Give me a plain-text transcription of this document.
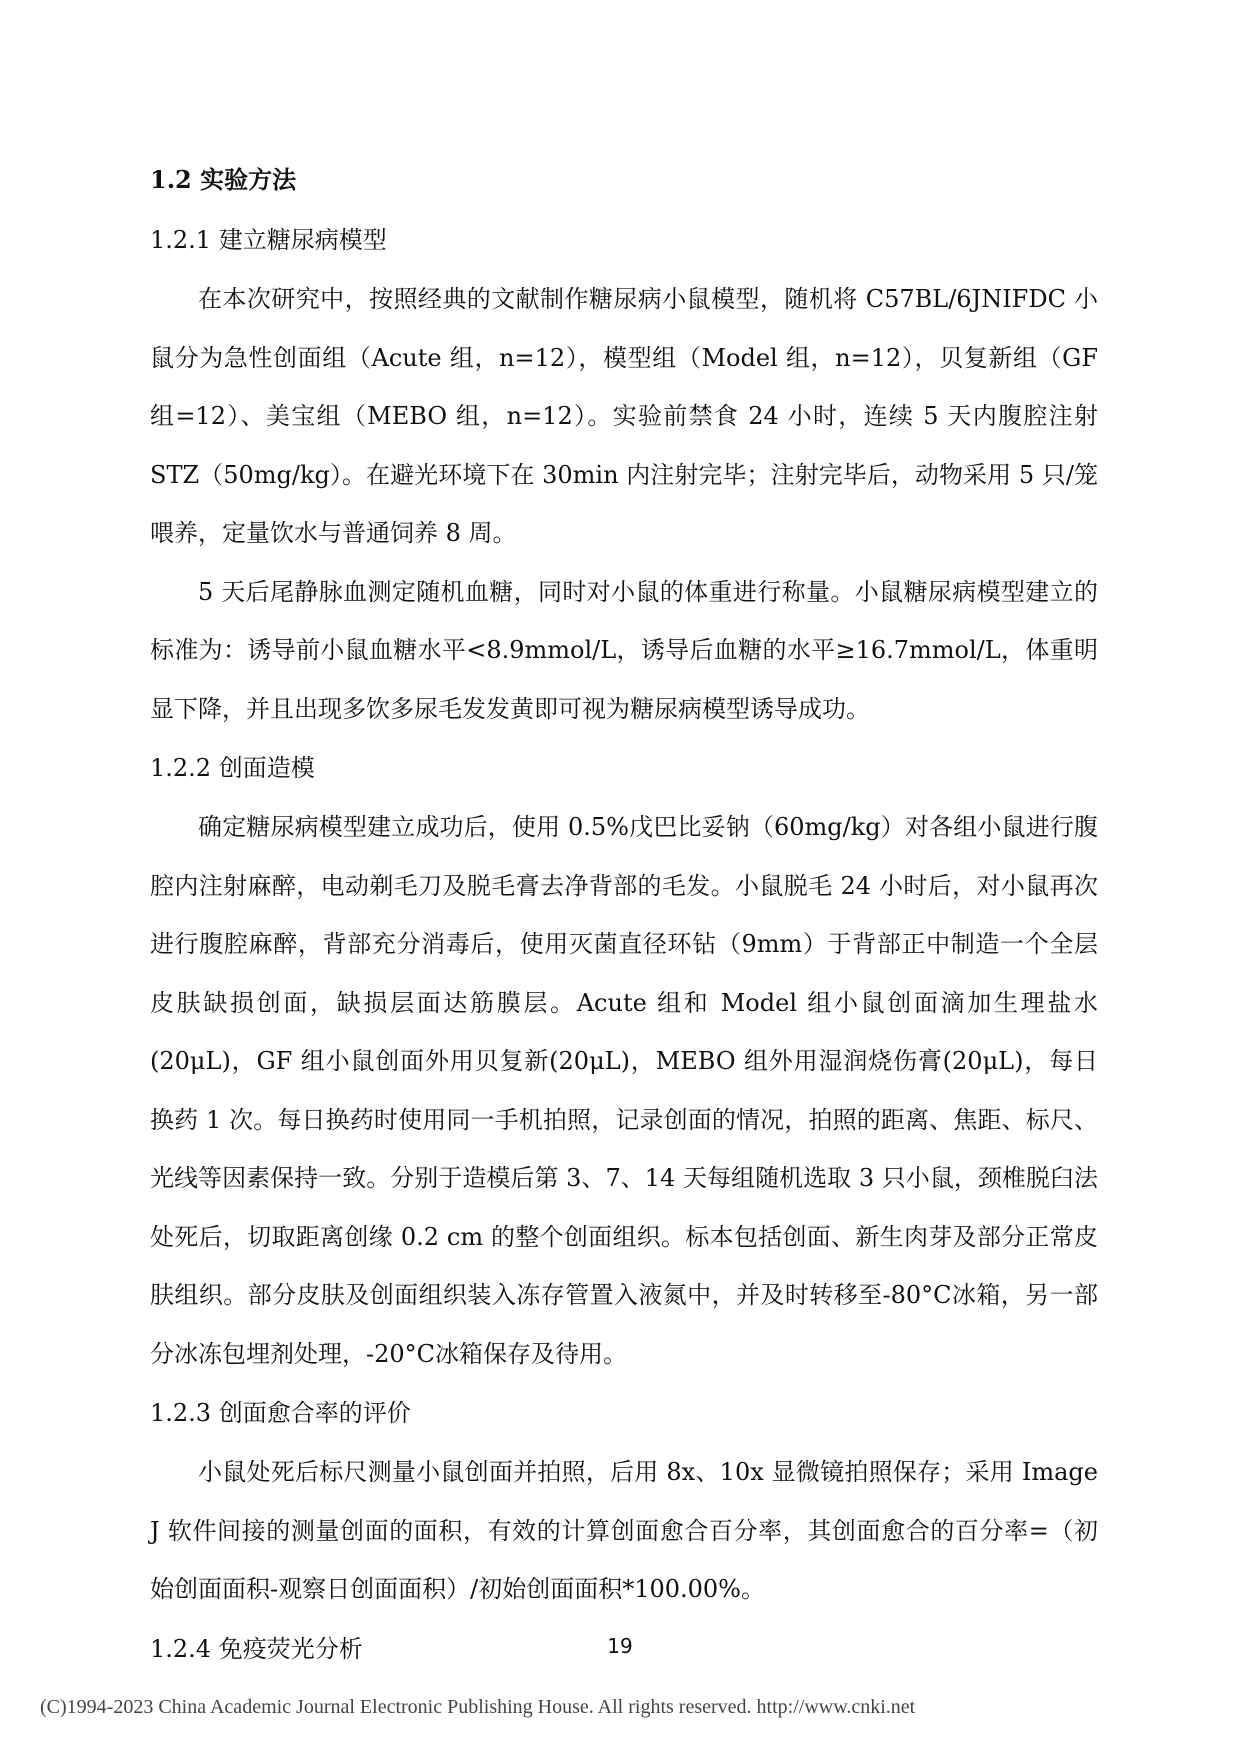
1.2 实验方法
1.2.1 建立糖尿病模型

在本次研究中，按照经典的文献制作糖尿病小鼠模型，随机将 C57BL/6JNIFDC 小鼠分为急性创面组（Acute 组，n=12），模型组（Model 组，n=12），贝复新组（GF 组=12）、美宝组（MEBO 组，n=12）。实验前禁食 24 小时，连续 5 天内腹腔注射 STZ（50mg/kg）。在避光环境下在 30min 内注射完毕；注射完毕后，动物采用 5 只/笼喂养，定量饮水与普通饲养 8 周。

5 天后尾静脉血测定随机血糖，同时对小鼠的体重进行称量。小鼠糖尿病模型建立的标准为：诱导前小鼠血糖水平<8.9mmol/L，诱导后血糖的水平≥16.7mmol/L，体重明显下降，并且出现多饮多尿毛发发黄即可视为糖尿病模型诱导成功。

1.2.2 创面造模

确定糖尿病模型建立成功后，使用 0.5%戊巴比妥钠（60mg/kg）对各组小鼠进行腹腔内注射麻醉，电动剃毛刀及脱毛膏去净背部的毛发。小鼠脱毛 24 小时后，对小鼠再次进行腹腔麻醉，背部充分消毒后，使用灭菌直径环钻（9mm）于背部正中制造一个全层皮肤缺损创面，缺损层面达筋膜层。Acute 组和 Model 组小鼠创面滴加生理盐水(20μL)，GF 组小鼠创面外用贝复新(20μL)，MEBO 组外用湿润烧伤膏(20μL)，每日换药 1 次。每日换药时使用同一手机拍照，记录创面的情况，拍照的距离、焦距、标尺、光线等因素保持一致。分别于造模后第 3、7、14 天每组随机选取 3 只小鼠，颈椎脱臼法处死后，切取距离创缘 0.2 cm 的整个创面组织。标本包括创面、新生肉芽及部分正常皮肤组织。部分皮肤及创面组织装入冻存管置入液氮中，并及时转移至-80°C冰箱，另一部分冰冻包埋剂处理，-20°C冰箱保存及待用。

1.2.3 创面愈合率的评价

小鼠处死后标尺测量小鼠创面并拍照，后用 8x、10x 显微镜拍照保存；采用 Image J 软件间接的测量创面的面积，有效的计算创面愈合百分率，其创面愈合的百分率=（初始创面面积-观察日创面面积）/初始创面面积*100.00%。

1.2.4 免疫荧光分析	19
(C)1994-2023 China Academic Journal Electronic Publishing House. All rights reserved. http://www.cnki.net
